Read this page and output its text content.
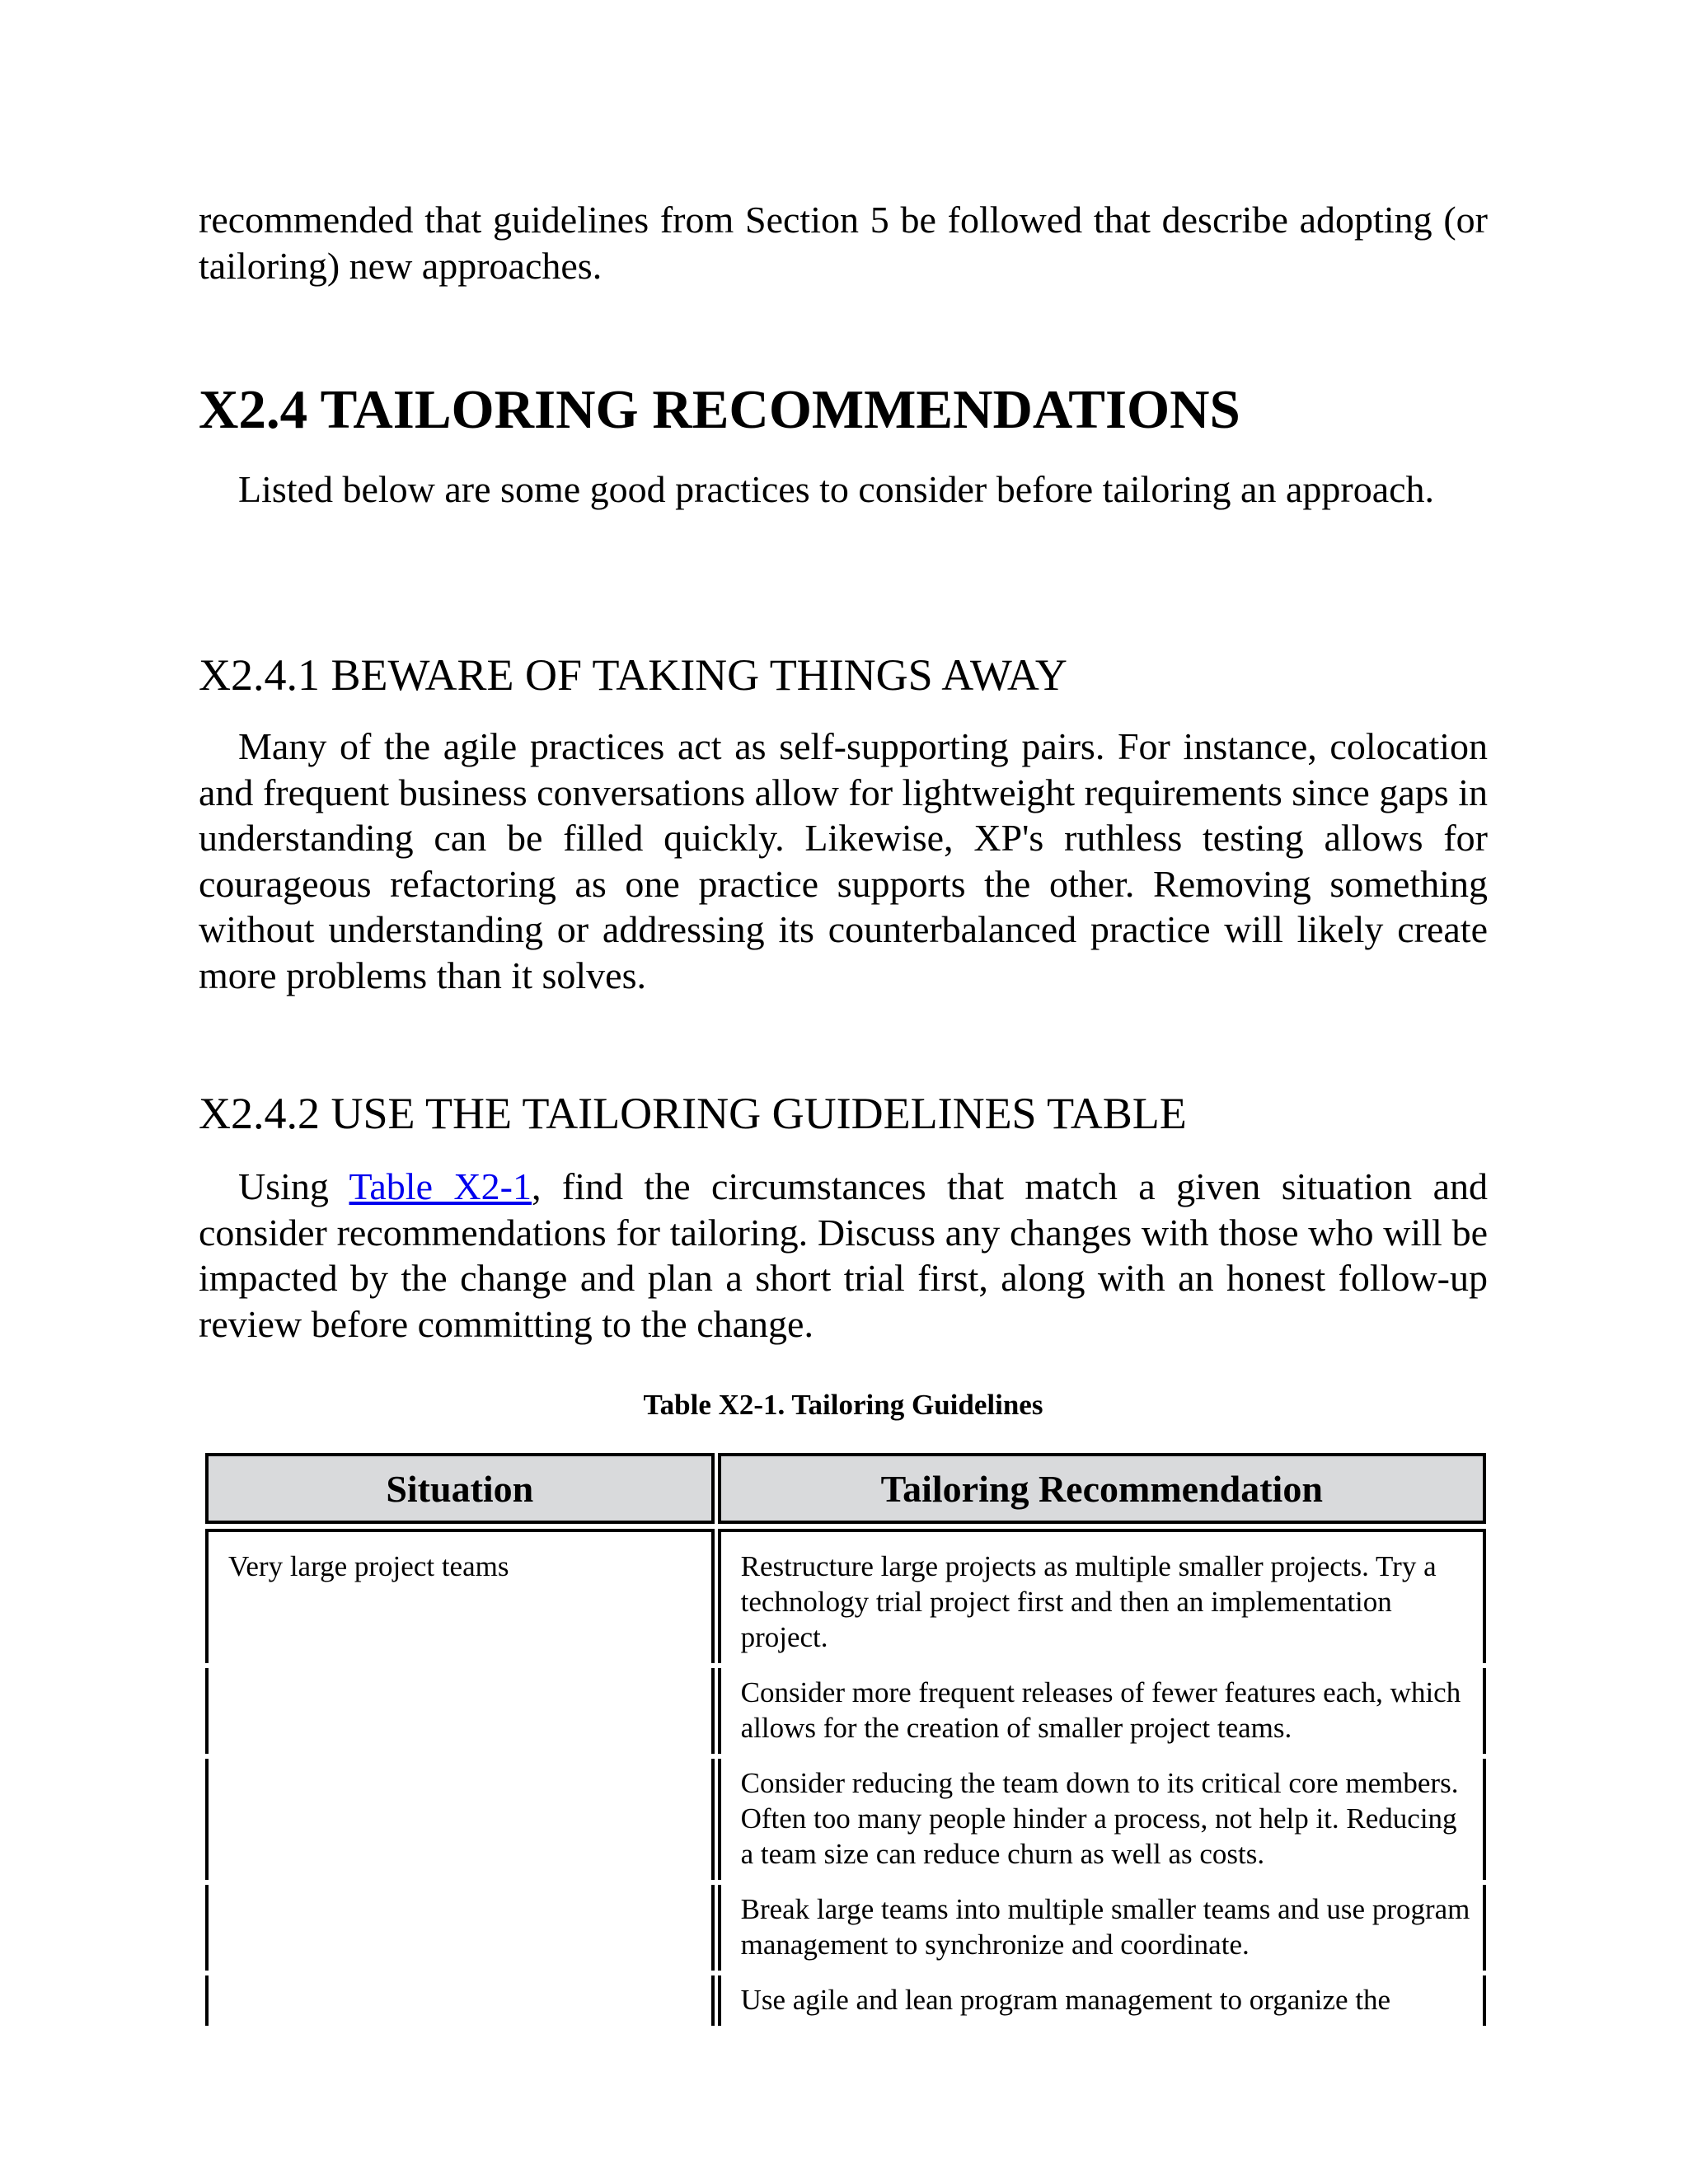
recommended that guidelines from Section 5 be followed that describe adopting (or tailoring) new approaches.

X2.4 TAILORING RECOMMENDATIONS

Listed below are some good practices to consider before tailoring an approach.

X2.4.1 BEWARE OF TAKING THINGS AWAY

Many of the agile practices act as self-supporting pairs. For instance, colocation and frequent business conversations allow for lightweight requirements since gaps in understanding can be filled quickly. Likewise, XP's ruthless testing allows for courageous refactoring as one practice supports the other. Removing something without understanding or addressing its counterbalanced practice will likely create more problems than it solves.

X2.4.2 USE THE TAILORING GUIDELINES TABLE

Using Table X2-1, find the circumstances that match a given situation and consider recommendations for tailoring. Discuss any changes with those who will be impacted by the change and plan a short trial first, along with an honest follow-up review before committing to the change.

Table X2-1. Tailoring Guidelines

Situation	Tailoring Recommendation
Very large project teams	Restructure large projects as multiple smaller projects. Try a technology trial project first and then an implementation project.
	Consider more frequent releases of fewer features each, which allows for the creation of smaller project teams.
	Consider reducing the team down to its critical core members. Often too many people hinder a process, not help it. Reducing a team size can reduce churn as well as costs.
	Break large teams into multiple smaller teams and use program management to synchronize and coordinate.
	Use agile and lean program management to organize the
